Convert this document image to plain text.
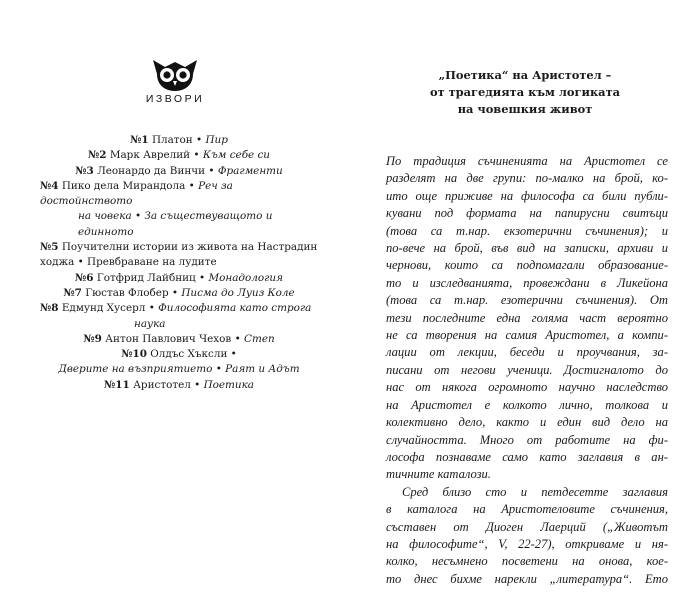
ИЗВОРИ
№1 Платон • Пир
№2 Марк Аврелий • Към себе си
№3 Леонардо да Винчи • Фрагменти
№4 Пико дела Мирандола • Реч за достойнството
на човека • За съществуващото и единното
№5 Поучителни истории из живота на Настрадин
ходжа • Превбраване на лудите
№6 Готфрид Лайбниц • Монадология
№7 Гюстав Флобер • Писма до Луиз Коле
№8 Едмунд Хусерл • Философията като строга
наука
№9 Антон Павлович Чехов • Степ
№10 Олдъс Хъксли •
Дверите на възприятието • Раят и Адът
№11 Аристотел • Поетика
„Поетика“ на Аристотел –
от трагедията към логиката
на човешкия живот
По традиция съчиненията на Аристотел се
разделят на две групи: по-малко на брой, ко-
ито още приживе на философа са били публи-
кувани под формата на папирусни свитъци
(това са т.нар. екзотерични съчинения); и
по-вече на брой, във вид на записки, архиви и
чернови, които са подпомагали образование-
то и изследванията, провеждани в Ликейона
(това са т.нар. езотерични съчинения). От
тези последните една голяма част вероятно
не са творения на самия Аристотел, а компи-
лации от лекции, беседи и проучвания, за-
писани от негови ученици. Достигналото до
нас от някога огромното научно наследство
на Аристотел е колкото лично, толкова и
колективно дело, както и един вид дело на
случайността. Много от работите на фи-
лософа познаваме само като заглавия в ан-
тичните каталози.
Сред близо сто и петдесетте заглавия
в каталога на Аристотеловите съчинения,
съставен от Диоген Лаерций („Животът
на философите“, V, 22-27), откриваме и ня-
колко, несъмнено посветени на онова, кое-
то днес бихме нарекли „литература“. Ето
